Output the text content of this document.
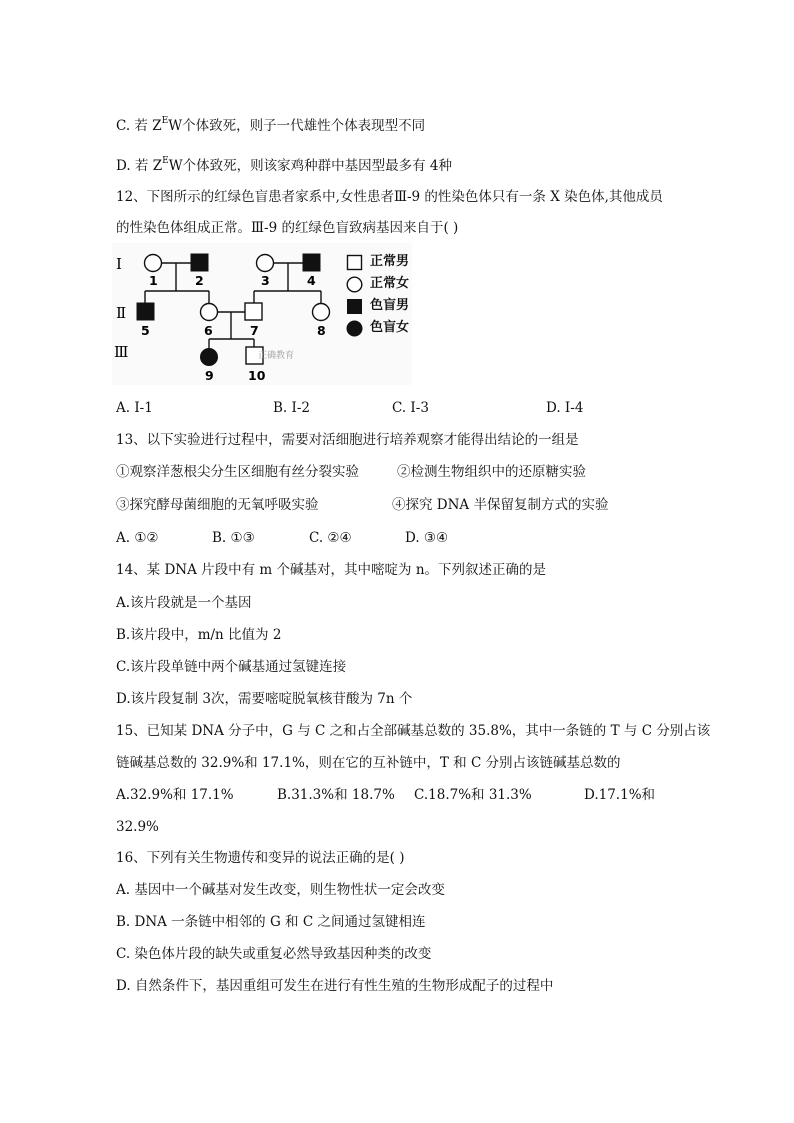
C. 若 $Z^EW$个体致死，则子一代雄性个体表现型不同
D. 若 $Z^EW$个体致死，则该家鸡种群中基因型最多有 4种
12、下图所示的红绿色盲患者家系中,女性患者Ⅲ-9 的性染色体只有一条 X 染色体,其他成员
的性染色体组成正常。Ⅲ-9 的红绿色盲致病基因来自于( )
Ⅰ
Ⅱ
Ⅲ
1	2	3	4
5	6	7	8
9	10
正确教育
正常男
正常女
色盲男
色盲女
A. Ⅰ-1	B. Ⅰ-2	C. Ⅰ-3	D. Ⅰ-4
13、以下实验进行过程中，需要对活细胞进行培养观察才能得出结论的一组是
①观察洋葱根尖分生区细胞有丝分裂实验	②检测生物组织中的还原糖实验
③探究酵母菌细胞的无氧呼吸实验	④探究 DNA 半保留复制方式的实验
A. ①②	B. ①③	C. ②④	D. ③④
14、某 DNA 片段中有 m 个碱基对，其中嘧啶为 n。下列叙述正确的是
A.该片段就是一个基因
B.该片段中，m/n 比值为 2
C.该片段单链中两个碱基通过氢键连接
D.该片段复制 3次，需要嘧啶脱氧核苷酸为 7n 个
15、已知某 DNA 分子中，G 与 C 之和占全部碱基总数的 35.8%，其中一条链的 T 与 C 分别占该
链碱基总数的 32.9%和 17.1%，则在它的互补链中，T 和 C 分别占该链碱基总数的
A.32.9%和 17.1%	B.31.3%和 18.7% C.18.7%和 31.3%	D.17.1%和
32.9%
16、下列有关生物遗传和变异的说法正确的是( )
A. 基因中一个碱基对发生改变，则生物性状一定会改变
B. DNA 一条链中相邻的 G 和 C 之间通过氢键相连
C. 染色体片段的缺失或重复必然导致基因种类的改变
D. 自然条件下，基因重组可发生在进行有性生殖的生物形成配子的过程中
